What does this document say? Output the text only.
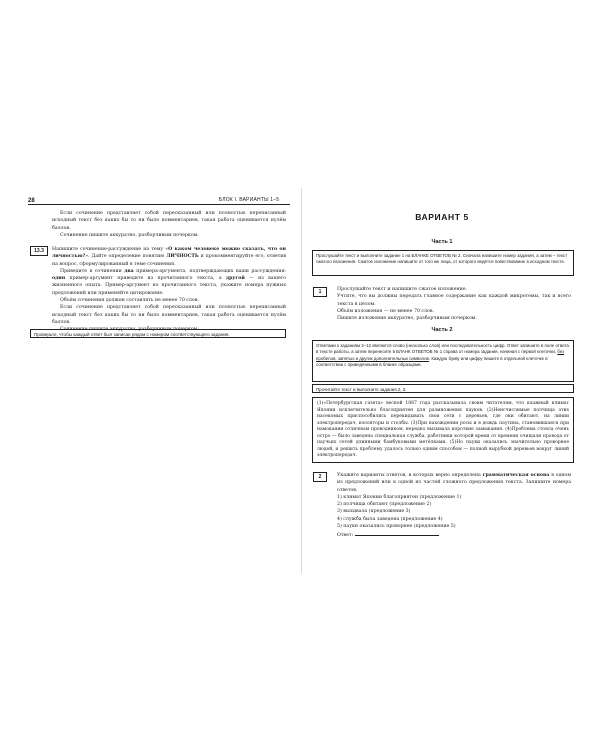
28	БЛОК I. ВАРИАНТЫ 1–5

Если сочинение представляет собой пересказанный или полностью переписанный исходный текст без каких бы то ни было комментариев, такая работа оценивается нулём баллов.

Сочинение пишите аккуратно, разборчивым почерком.

13.3	Напишите сочинение-рассуждение на тему «О каком человеке можно сказать, что он личностью?». Дайте определение понятию ЛИЧНОСТЬ и прокомментируйте его, ответив на вопрос, сформулированный в теме сочинения.

Приведите в сочинении два примера-аргумента, подтверждающих ваши рассуждения: один пример-аргумент приведите из прочитанного текста, а другой — из вашего жизненного опыта. Пример-аргумент из прочитанного текста, укажите номера нужных предложений или применяйте цитирование.

Объём сочинения должен составлять не менее 70 слов.

Если сочинение представляет собой пересказанный или полностью переписанный исходный текст без каких бы то ни было комментариев, такая работа оценивается нулём баллов.

Сочинение пишите аккуратно, разборчивым почерком.

Проверьте, чтобы каждый ответ был записан рядом с номером соответствующего задания.
ВАРИАНТ 5
Часть 1
Прослушайте текст и выполните задание 1 на БЛАНКЕ ОТВЕТОВ № 2. Сначала напишите номер задания, а затем – текст сжатого изложения. Сжатое изложение напишите от того же лица, от которого ведётся повествование в исходном тексте.
1	Прослушайте текст и напишите сжатое изложение.

Учтите, что вы должны передать главное содержание как каждой микротемы, так и всего текста в целом.

Объём изложения — не менее 70 слов.

Пишите изложение аккуратно, разборчивым почерком.

Часть 2
Ответами к заданиям 2–12 являются слово (несколько слов) или последовательность цифр. Ответ запишите в поле ответа в тексте работы, а затем перенесите в БЛАНК ОТВЕТОВ № 1 справа от номера задания, начиная с первой клеточки, без пробелов, запятых и других дополнительных символов. Каждую букву или цифру пишите в отдельной клеточке в соответствии с приведёнными в бланке образцами.
Прочитайте текст и выполните задания 2, 3.

(1)«Петербургская газета» весной 1887 года рассказывала своим читателям, что влажный климат Японии исключительно благоприятен для размножения пауков. (2)Неисчислимые полчища этих насекомых приспособились перекидывать свои сети с деревьев, где они обитают, на линии электропередач, изоляторы и столбы. (3)При нахождении росы и в дождь паутина, становившаяся при намокании отличным проводником, нередко вызывала короткие замыкания. (4)Проблема стояла очень остро — было заведена специальная служба, работники которой время от времени очищали провода от паучьих сетей длинными бамбуковыми метёлками. (5)Но пауки оказались значительно проворнее людей, и решить проблему удалось только одним способом — полной вырубкой деревьев вокруг линий электропередач.

2	Укажите варианты ответов, в которых верно определена грамматическая основа в одном из предложений или в одной из частей сложного предложения текста. Запишите номера ответов.

1) климат Японии благоприятен (предложение 1)

2) полчища обитают (предложение 2)

3) вызывала (предложение 3)

4) служба была заведена (предложение 4)

5) пауки оказались проворнее (предложение 5)

Ответ:
